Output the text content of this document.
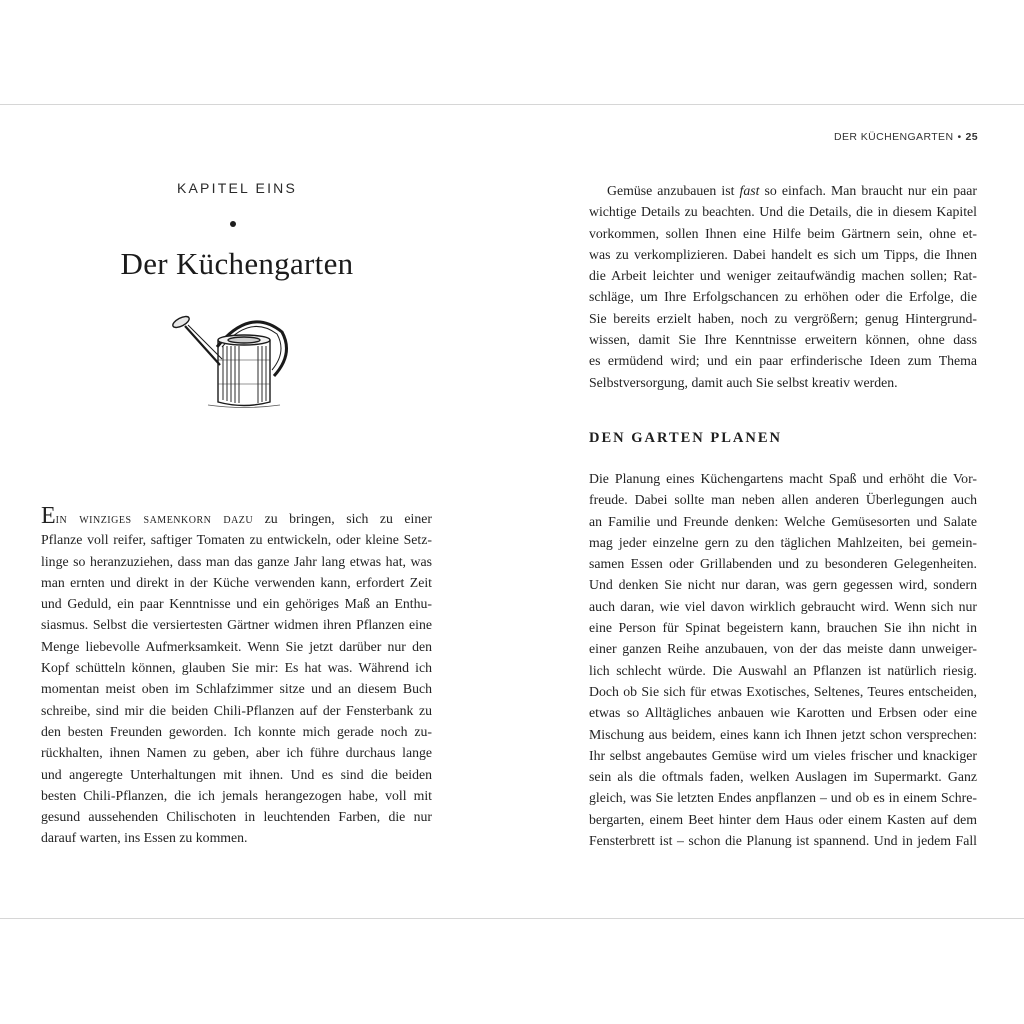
DER KÜCHENGARTEN • 25
KAPITEL EINS
Der Küchengarten
Ein winziges samenkorn dazu zu bringen, sich zu einer
Pflanze voll reifer, saftiger Tomaten zu entwickeln, oder kleine Setz-
linge so heranzuziehen, dass man das ganze Jahr lang etwas hat, was
man ernten und direkt in der Küche verwenden kann, erfordert Zeit
und Geduld, ein paar Kenntnisse und ein gehöriges Maß an Enthu-
siasmus. Selbst die versiertesten Gärtner widmen ihren Pflanzen eine
Menge liebevolle Aufmerksamkeit. Wenn Sie jetzt darüber nur den
Kopf schütteln können, glauben Sie mir: Es hat was. Während ich
momentan meist oben im Schlafzimmer sitze und an diesem Buch
schreibe, sind mir die beiden Chili-Pflanzen auf der Fensterbank zu
den besten Freunden geworden. Ich konnte mich gerade noch zu-
rückhalten, ihnen Namen zu geben, aber ich führe durchaus lange
und angeregte Unterhaltungen mit ihnen. Und es sind die beiden
besten Chili-Pflanzen, die ich jemals herangezogen habe, voll mit
gesund aussehenden Chilischoten in leuchtenden Farben, die nur
darauf warten, ins Essen zu kommen.
Gemüse anzubauen ist fast so einfach. Man braucht nur ein paar
wichtige Details zu beachten. Und die Details, die in diesem Kapitel
vorkommen, sollen Ihnen eine Hilfe beim Gärtnern sein, ohne et-
was zu verkomplizieren. Dabei handelt es sich um Tipps, die Ihnen
die Arbeit leichter und weniger zeitaufwändig machen sollen; Rat-
schläge, um Ihre Erfolgschancen zu erhöhen oder die Erfolge, die
Sie bereits erzielt haben, noch zu vergrößern; genug Hintergrund-
wissen, damit Sie Ihre Kenntnisse erweitern können, ohne dass
es ermüdend wird; und ein paar erfinderische Ideen zum Thema
Selbstversorgung, damit auch Sie selbst kreativ werden.
DEN GARTEN PLANEN
Die Planung eines Küchengartens macht Spaß und erhöht die Vor-
freude. Dabei sollte man neben allen anderen Überlegungen auch
an Familie und Freunde denken: Welche Gemüsesorten und Salate
mag jeder einzelne gern zu den täglichen Mahlzeiten, bei gemein-
samen Essen oder Grillabenden und zu besonderen Gelegenheiten.
Und denken Sie nicht nur daran, was gern gegessen wird, sondern
auch daran, wie viel davon wirklich gebraucht wird. Wenn sich nur
eine Person für Spinat begeistern kann, brauchen Sie ihn nicht in
einer ganzen Reihe anzubauen, von der das meiste dann unweiger-
lich schlecht würde. Die Auswahl an Pflanzen ist natürlich riesig.
Doch ob Sie sich für etwas Exotisches, Seltenes, Teures entscheiden,
etwas so Alltägliches anbauen wie Karotten und Erbsen oder eine
Mischung aus beidem, eines kann ich Ihnen jetzt schon versprechen:
Ihr selbst angebautes Gemüse wird um vieles frischer und knackiger
sein als die oftmals faden, welken Auslagen im Supermarkt. Ganz
gleich, was Sie letzten Endes anpflanzen – und ob es in einem Schre-
bergarten, einem Beet hinter dem Haus oder einem Kasten auf dem
Fensterbrett ist – schon die Planung ist spannend. Und in jedem Fall
